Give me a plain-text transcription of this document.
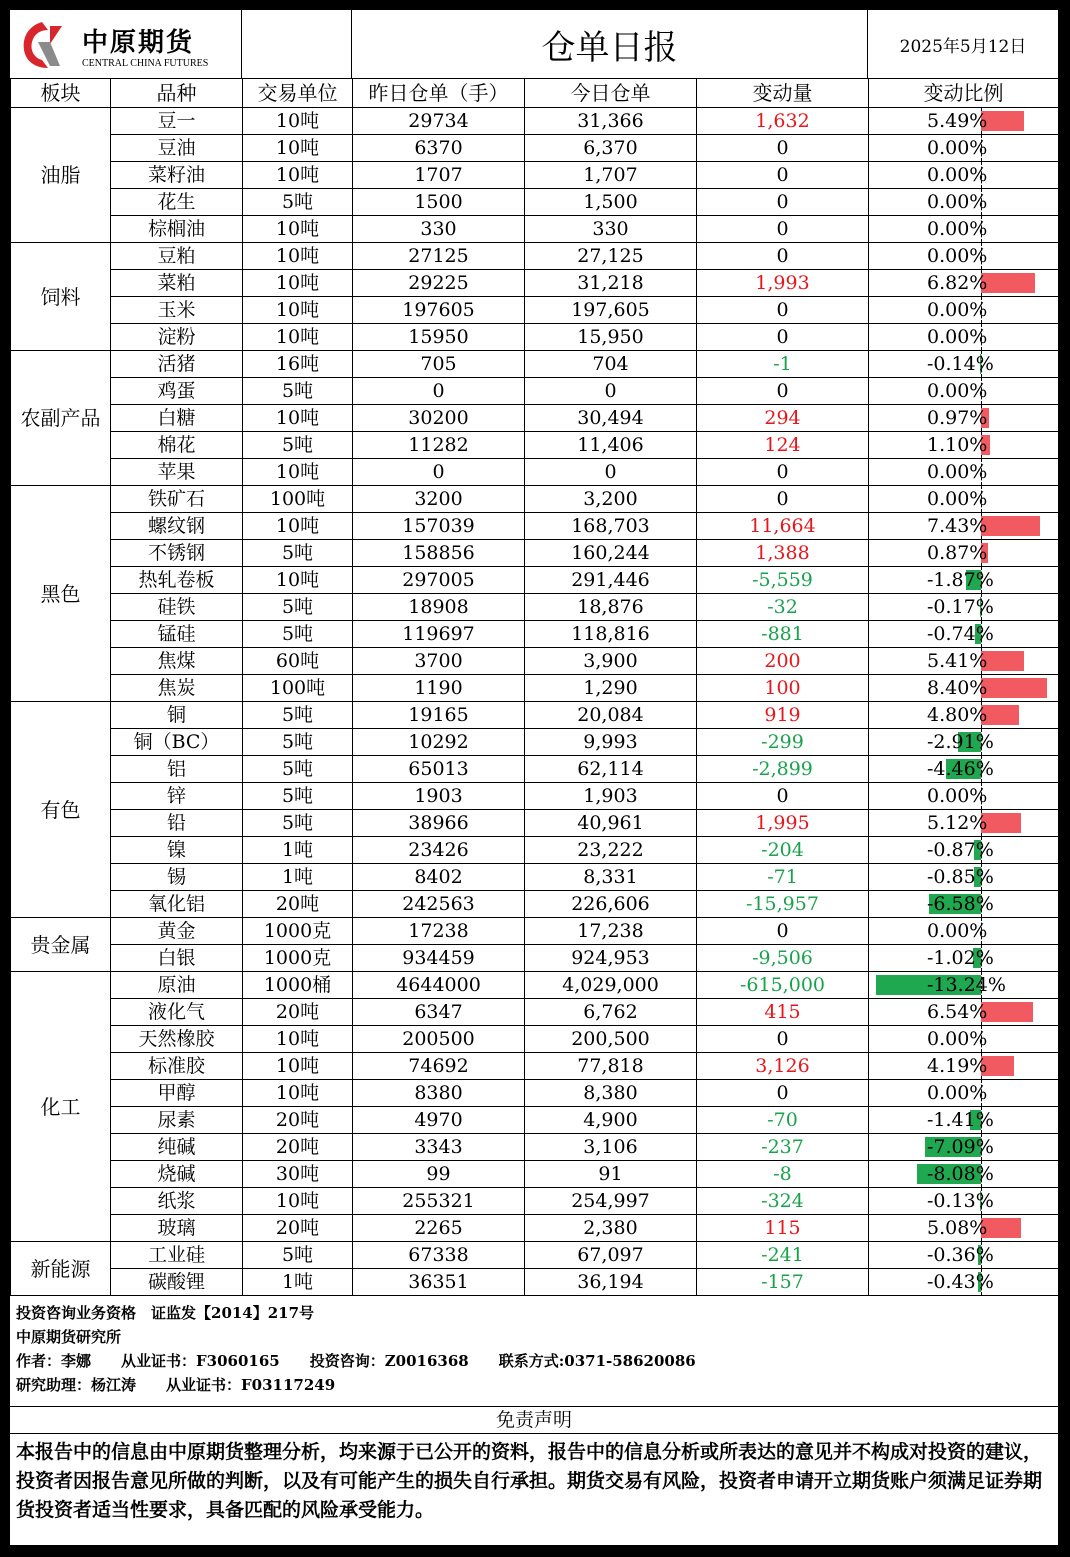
中原期货
CENTRAL CHINA FUTURES	仓单日报	2025年5月12日
板块	品种	交易单位	昨日仓单（手）	今日仓单	变动量	变动比例
油脂	豆一	10吨	29734	31,366	1,632	5.49%
	豆油	10吨	6370	6,370	0	0.00%
	菜籽油	10吨	1707	1,707	0	0.00%
	花生	5吨	1500	1,500	0	0.00%
	棕榈油	10吨	330	330	0	0.00%
饲料	豆粕	10吨	27125	27,125	0	0.00%
	菜粕	10吨	29225	31,218	1,993	6.82%
	玉米	10吨	197605	197,605	0	0.00%
	淀粉	10吨	15950	15,950	0	0.00%
农副产品	活猪	16吨	705	704	-1	-0.14%
	鸡蛋	5吨	0	0	0	0.00%
	白糖	10吨	30200	30,494	294	0.97%
	棉花	5吨	11282	11,406	124	1.10%
	苹果	10吨	0	0	0	0.00%
黑色	铁矿石	100吨	3200	3,200	0	0.00%
	螺纹钢	10吨	157039	168,703	11,664	7.43%
	不锈钢	5吨	158856	160,244	1,388	0.87%
	热轧卷板	10吨	297005	291,446	-5,559	-1.87%
	硅铁	5吨	18908	18,876	-32	-0.17%
	锰硅	5吨	119697	118,816	-881	-0.74%
	焦煤	60吨	3700	3,900	200	5.41%
	焦炭	100吨	1190	1,290	100	8.40%
有色	铜	5吨	19165	20,084	919	4.80%
	铜（BC）	5吨	10292	9,993	-299	-2.91%
	铝	5吨	65013	62,114	-2,899	-4.46%
	锌	5吨	1903	1,903	0	0.00%
	铅	5吨	38966	40,961	1,995	5.12%
	镍	1吨	23426	23,222	-204	-0.87%
	锡	1吨	8402	8,331	-71	-0.85%
	氧化铝	20吨	242563	226,606	-15,957	-6.58%
贵金属	黄金	1000克	17238	17,238	0	0.00%
	白银	1000克	934459	924,953	-9,506	-1.02%
化工	原油	1000桶	4644000	4,029,000	-615,000	-13.24%
	液化气	20吨	6347	6,762	415	6.54%
	天然橡胶	10吨	200500	200,500	0	0.00%
	标准胶	10吨	74692	77,818	3,126	4.19%
	甲醇	10吨	8380	8,380	0	0.00%
	尿素	20吨	4970	4,900	-70	-1.41%
	纯碱	20吨	3343	3,106	-237	-7.09%
	烧碱	30吨	99	91	-8	-8.08%
	纸浆	10吨	255321	254,997	-324	-0.13%
	玻璃	20吨	2265	2,380	115	5.08%
新能源	工业硅	5吨	67338	67,097	-241	-0.36%
	碳酸锂	1吨	36351	36,194	-157	-0.43%
投资咨询业务资格　证监发【2014】217号
中原期货研究所
作者：李娜　　从业证书：F3060165　　投资咨询：Z0016368　　联系方式:0371-58620086
研究助理：杨江涛　　从业证书：F03117249
免责声明
本报告中的信息由中原期货整理分析，均来源于已公开的资料，报告中的信息分析或所表达的意见并不构成对投资的建议，投资者因报告意见所做的判断，以及有可能产生的损失自行承担。期货交易有风险，投资者申请开立期货账户须满足证券期货投资者适当性要求，具备匹配的风险承受能力。
